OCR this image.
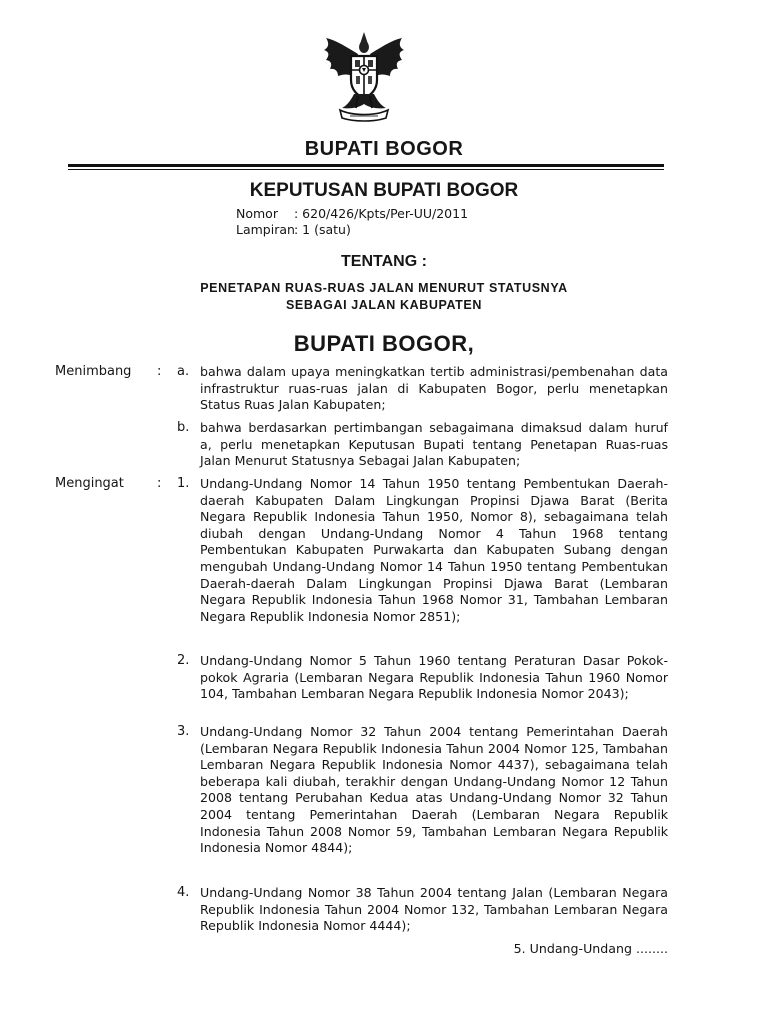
BUPATI BOGOR
KEPUTUSAN BUPATI BOGOR
Nomor : 620/426/Kpts/Per-UU/2011
Lampiran: 1 (satu)
TENTANG :
PENETAPAN RUAS-RUAS JALAN MENURUT STATUSNYA
SEBAGAI JALAN KABUPATEN
BUPATI BOGOR,
Menimbang : a. bahwa dalam upaya meningkatkan tertib administrasi/pembenahan data infrastruktur ruas-ruas jalan di Kabupaten Bogor, perlu menetapkan Status Ruas Jalan Kabupaten;
b. bahwa berdasarkan pertimbangan sebagaimana dimaksud dalam huruf a, perlu menetapkan Keputusan Bupati tentang Penetapan Ruas-ruas Jalan Menurut Statusnya Sebagai Jalan Kabupaten;
Mengingat	: 1. Undang-Undang Nomor 14 Tahun 1950 tentang Pembentukan Daerah-daerah Kabupaten Dalam Lingkungan Propinsi Djawa Barat (Berita Negara Republik Indonesia Tahun 1950, Nomor 8), sebagaimana telah diubah dengan Undang-Undang Nomor 4 Tahun 1968 tentang Pembentukan Kabupaten Purwakarta dan Kabupaten Subang dengan mengubah Undang-Undang Nomor 14 Tahun 1950 tentang Pembentukan Daerah-daerah Dalam Lingkungan Propinsi Djawa Barat (Lembaran Negara Republik Indonesia Tahun 1968 Nomor 31, Tambahan Lembaran Negara Republik Indonesia Nomor 2851);
2. Undang-Undang Nomor 5 Tahun 1960 tentang Peraturan Dasar Pokok-pokok Agraria (Lembaran Negara Republik Indonesia Tahun 1960 Nomor 104, Tambahan Lembaran Negara Republik Indonesia Nomor 2043);
3. Undang-Undang Nomor 32 Tahun 2004 tentang Pemerintahan Daerah (Lembaran Negara Republik Indonesia Tahun 2004 Nomor 125, Tambahan Lembaran Negara Republik Indonesia Nomor 4437), sebagaimana telah beberapa kali diubah, terakhir dengan Undang-Undang Nomor 12 Tahun 2008 tentang Perubahan Kedua atas Undang-Undang Nomor 32 Tahun 2004 tentang Pemerintahan Daerah (Lembaran Negara Republik Indonesia Tahun 2008 Nomor 59, Tambahan Lembaran Negara Republik Indonesia Nomor 4844);
4. Undang-Undang Nomor 38 Tahun 2004 tentang Jalan (Lembaran Negara Republik Indonesia Tahun 2004 Nomor 132, Tambahan Lembaran Negara Republik Indonesia Nomor 4444);
5. Undang-Undang ........
